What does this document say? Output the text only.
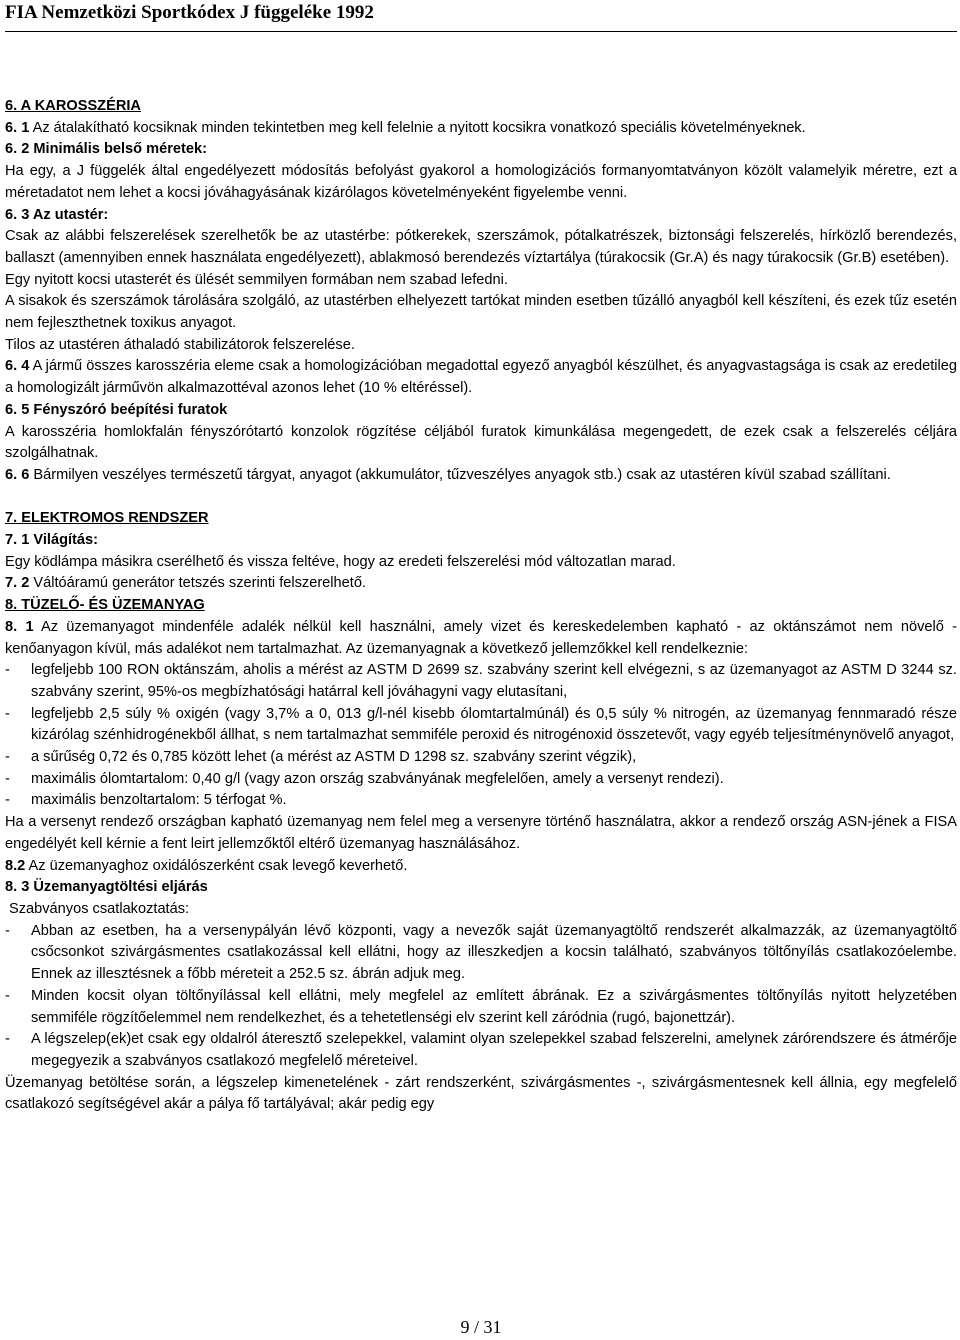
FIA Nemzetközi Sportkódex J függeléke 1992

6. A KAROSSZÉRIA

6. 1 Az átalakítható kocsiknak minden tekintetben meg kell felelnie a nyitott kocsikra vonatkozó speciális követelményeknek.

6. 2 Minimális belső méretek:

Ha egy, a J függelék által engedélyezett módosítás befolyást gyakorol a homologizációs formanyomtatványon közölt valamelyik méretre, ezt a méretadatot nem lehet a kocsi jóváhagyásának kizárólagos követelményeként figyelembe venni.

6. 3 Az utastér:

Csak az alábbi felszerelések szerelhetők be az utastérbe: pótkerekek, szerszámok, pótalkatrészek, biztonsági felszerelés, hírközlő berendezés, ballaszt (amennyiben ennek használata engedélyezett), ablakmosó berendezés víztartálya (túrakocsik (Gr.A) és nagy túrakocsik (Gr.B) esetében).

Egy nyitott kocsi utasterét és ülését semmilyen formában nem szabad lefedni.

A sisakok és szerszámok tárolására szolgáló, az utastérben elhelyezett tartókat minden esetben tűzálló anyagból kell készíteni, és ezek tűz esetén nem fejleszthetnek toxikus anyagot.

Tilos az utastéren áthaladó stabilizátorok felszerelése.

6. 4 A jármű összes karosszéria eleme csak a homologizációban megadottal egyező anyagból készülhet, és anyagvastagsága is csak az eredetileg a homologizált járművön alkalmazottéval azonos lehet (10 % eltéréssel).

6. 5 Fényszóró beépítési furatok

A karosszéria homlokfalán fényszórótartó konzolok rögzítése céljából furatok kimunkálása megengedett, de ezek csak a felszerelés céljára szolgálhatnak.

6. 6 Bármilyen veszélyes természetű tárgyat, anyagot (akkumulátor, tűzveszélyes anyagok stb.) csak az utastéren kívül szabad szállítani.

7. ELEKTROMOS RENDSZER

7. 1 Világítás:

Egy ködlámpa másikra cserélhető és vissza feltéve, hogy az eredeti felszerelési mód változatlan marad.

7. 2 Váltóáramú generátor tetszés szerinti felszerelhető.

8. TÜZELŐ- ÉS ÜZEMANYAG

8. 1 Az üzemanyagot mindenféle adalék nélkül kell használni, amely vizet és kereskedelemben kapható - az oktánszámot nem növelő - kenőanyagon kívül, más adalékot nem tartalmazhat. Az üzemanyagnak a következő jellemzőkkel kell rendelkeznie:

-	legfeljebb 100 RON oktánszám, aholis a mérést az ASTM D 2699 sz. szabvány szerint kell elvégezni, s az üzemanyagot az ASTM D 3244 sz. szabvány szerint, 95%-os megbízhatósági határral kell jóváhagyni vagy elutasítani,
-	legfeljebb 2,5 súly % oxigén (vagy 3,7% a 0, 013 g/l-nél kisebb ólomtartalmúnál) és 0,5 súly % nitrogén, az üzemanyag fennmaradó része kizárólag szénhidrogénekből állhat, s nem tartalmazhat semmiféle peroxid és nitrogénoxid összetevőt, vagy egyéb teljesítménynövelő anyagot,
-	a sűrűség 0,72 és 0,785 között lehet (a mérést az ASTM D 1298 sz. szabvány szerint végzik),
-	maximális ólomtartalom: 0,40 g/l (vagy azon ország szabványának megfelelően, amely a versenyt rendezi).
-	maximális benzoltartalom: 5 térfogat %.

Ha a versenyt rendező országban kapható üzemanyag nem felel meg a versenyre történő használatra, akkor a rendező ország ASN-jének a FISA engedélyét kell kérnie a fent leirt jellemzőktől eltérő üzemanyag használásához.

8.2 Az üzemanyaghoz oxidálószerként csak levegő keverhető.

8. 3 Üzemanyagtöltési eljárás

Szabványos csatlakoztatás:

-	Abban az esetben, ha a versenypályán lévő központi, vagy a nevezők saját üzemanyagtöltő rendszerét alkalmazzák, az üzemanyagtöltő csőcsonkot szivárgásmentes csatlakozással kell ellátni, hogy az illeszkedjen a kocsin található, szabványos töltőnyílás csatlakozóelembe. Ennek az illesztésnek a főbb méreteit a 252.5 sz. ábrán adjuk meg.
-	Minden kocsit olyan töltőnyílással kell ellátni, mely megfelel az említett ábrának. Ez a szivárgásmentes töltőnyílás nyitott helyzetében semmiféle rögzítőelemmel nem rendelkezhet, és a tehetetlenségi elv szerint kell záródnia (rugó, bajonettzár).
-	A légszelep(ek)et csak egy oldalról áteresztő szelepekkel, valamint olyan szelepekkel szabad felszerelni, amelynek zárórendszere és átmérője megegyezik a szabványos csatlakozó megfelelő méreteivel.

Üzemanyag betöltése során, a légszelep kimenetelének - zárt rendszerként, szivárgásmentes -, szivárgásmentesnek kell állnia, egy megfelelő csatlakozó segítségével akár a pálya fő tartályával; akár pedig egy

9 / 31
